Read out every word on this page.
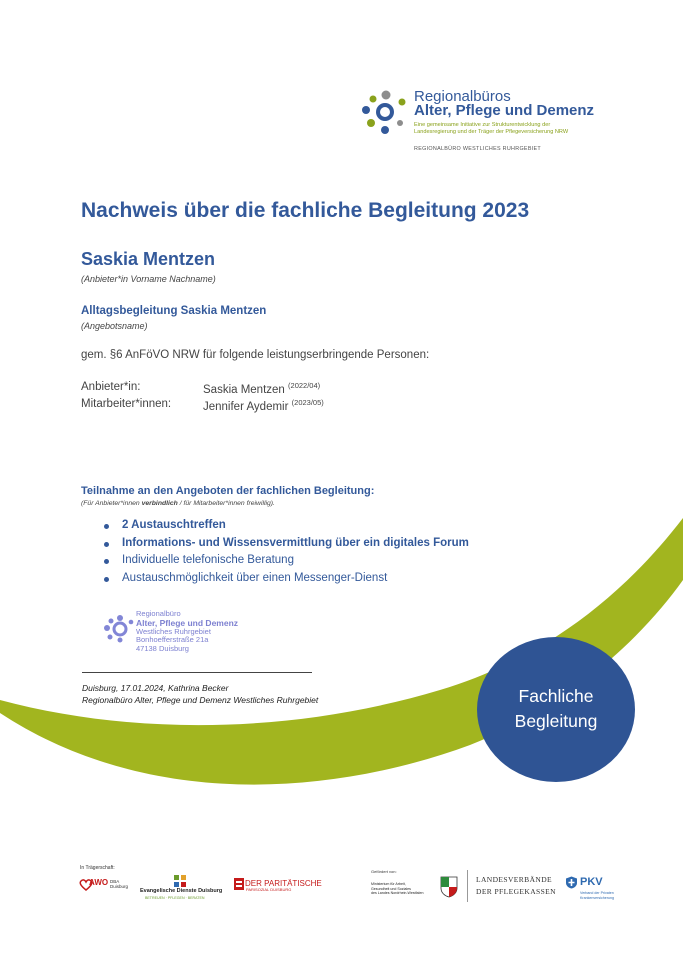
Regionalbüros
Alter, Pflege und Demenz
Eine gemeinsame Initiative zur Strukturentwicklung der
Landesregierung und der Träger der Pflegeversicherung NRW
REGIONALBÜRO WESTLICHES RUHRGEBIET
Nachweis über die fachliche Begleitung 2023
Saskia Mentzen
(Anbieter*in Vorname Nachname)
Alltagsbegleitung Saskia Mentzen
(Angebotsname)
gem. §6 AnFöVO NRW für folgende leistungserbringende Personen:
Anbieter*in:	Saskia Mentzen $^{(2022/04)}$
Mitarbeiter*innen:	Jennifer Aydemir $^{(2023/05)}$
Teilnahme an den Angeboten der fachlichen Begleitung:
(Für Anbieter*innen verbindlich / für Mitarbeiter*innen freiwillig).
2 Austauschtreffen
Informations- und Wissensvermittlung über ein digitales Forum
Individuelle telefonische Beratung
Austauschmöglichkeit über einen Messenger-Dienst
Regionalbüro
Alter, Pflege und Demenz
Westliches Ruhrgebiet
Bonhoefferstraße 21a
47138 Duisburg
Duisburg, 17.01.2024, Kathrina Becker
Regionalbüro Alter, Pflege und Demenz Westliches Ruhrgebiet	Fachliche
Begleitung
In Trägerschaft:
AWO DBA
Duisburg
Evangelische Dienste Duisburg
BETREUEN · PFLEGEN · BERATEN
DER PARITÄTISCHE
PARISOZIAL DUISBURG
Gefördert von:
Ministerium für Arbeit,
Gesundheit und Soziales
des Landes Nordrhein-Westfalen
LANDESVERBÄNDE
DER PFLEGEKASSEN
PKV
Verband der Privaten
Krankenversicherung
